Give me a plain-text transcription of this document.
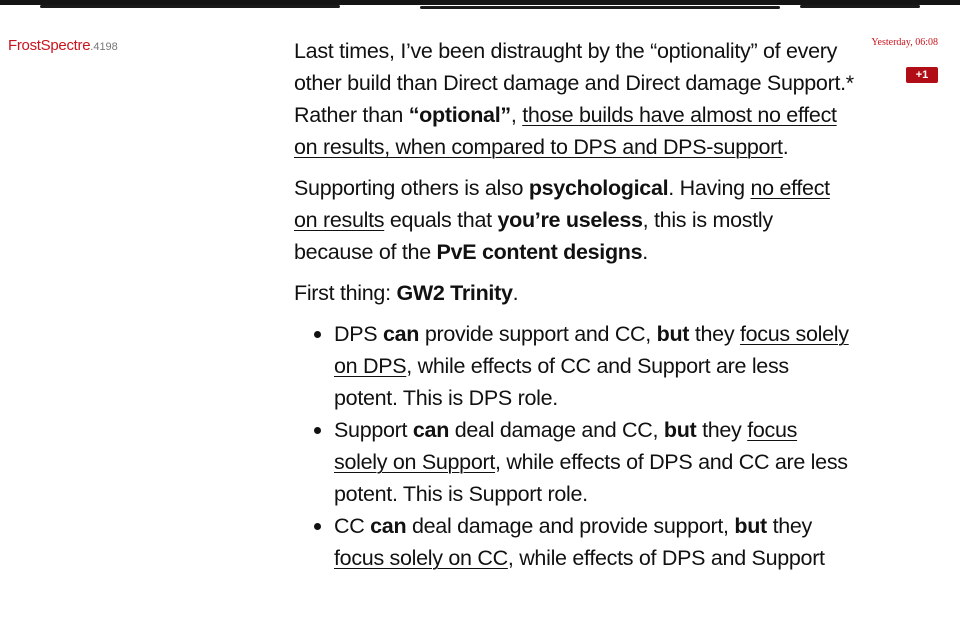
FrostSpectre.4198	Yesterday, 06:08
+1

Last times, I’ve been distraught by the “optionality” of every other build than Direct damage and Direct damage Support.*
Rather than “optional”, those builds have almost no effect on results, when compared to DPS and DPS-support.

Supporting others is also psychological. Having no effect on results equals that you’re useless, this is mostly because of the PvE content designs.

First thing: GW2 Trinity.

DPS can provide support and CC, but they focus solely on DPS, while effects of CC and Support are less potent. This is DPS role.
Support can deal damage and CC, but they focus solely on Support, while effects of DPS and CC are less potent. This is Support role.
CC can deal damage and provide support, but they focus solely on CC, while effects of DPS and Support
